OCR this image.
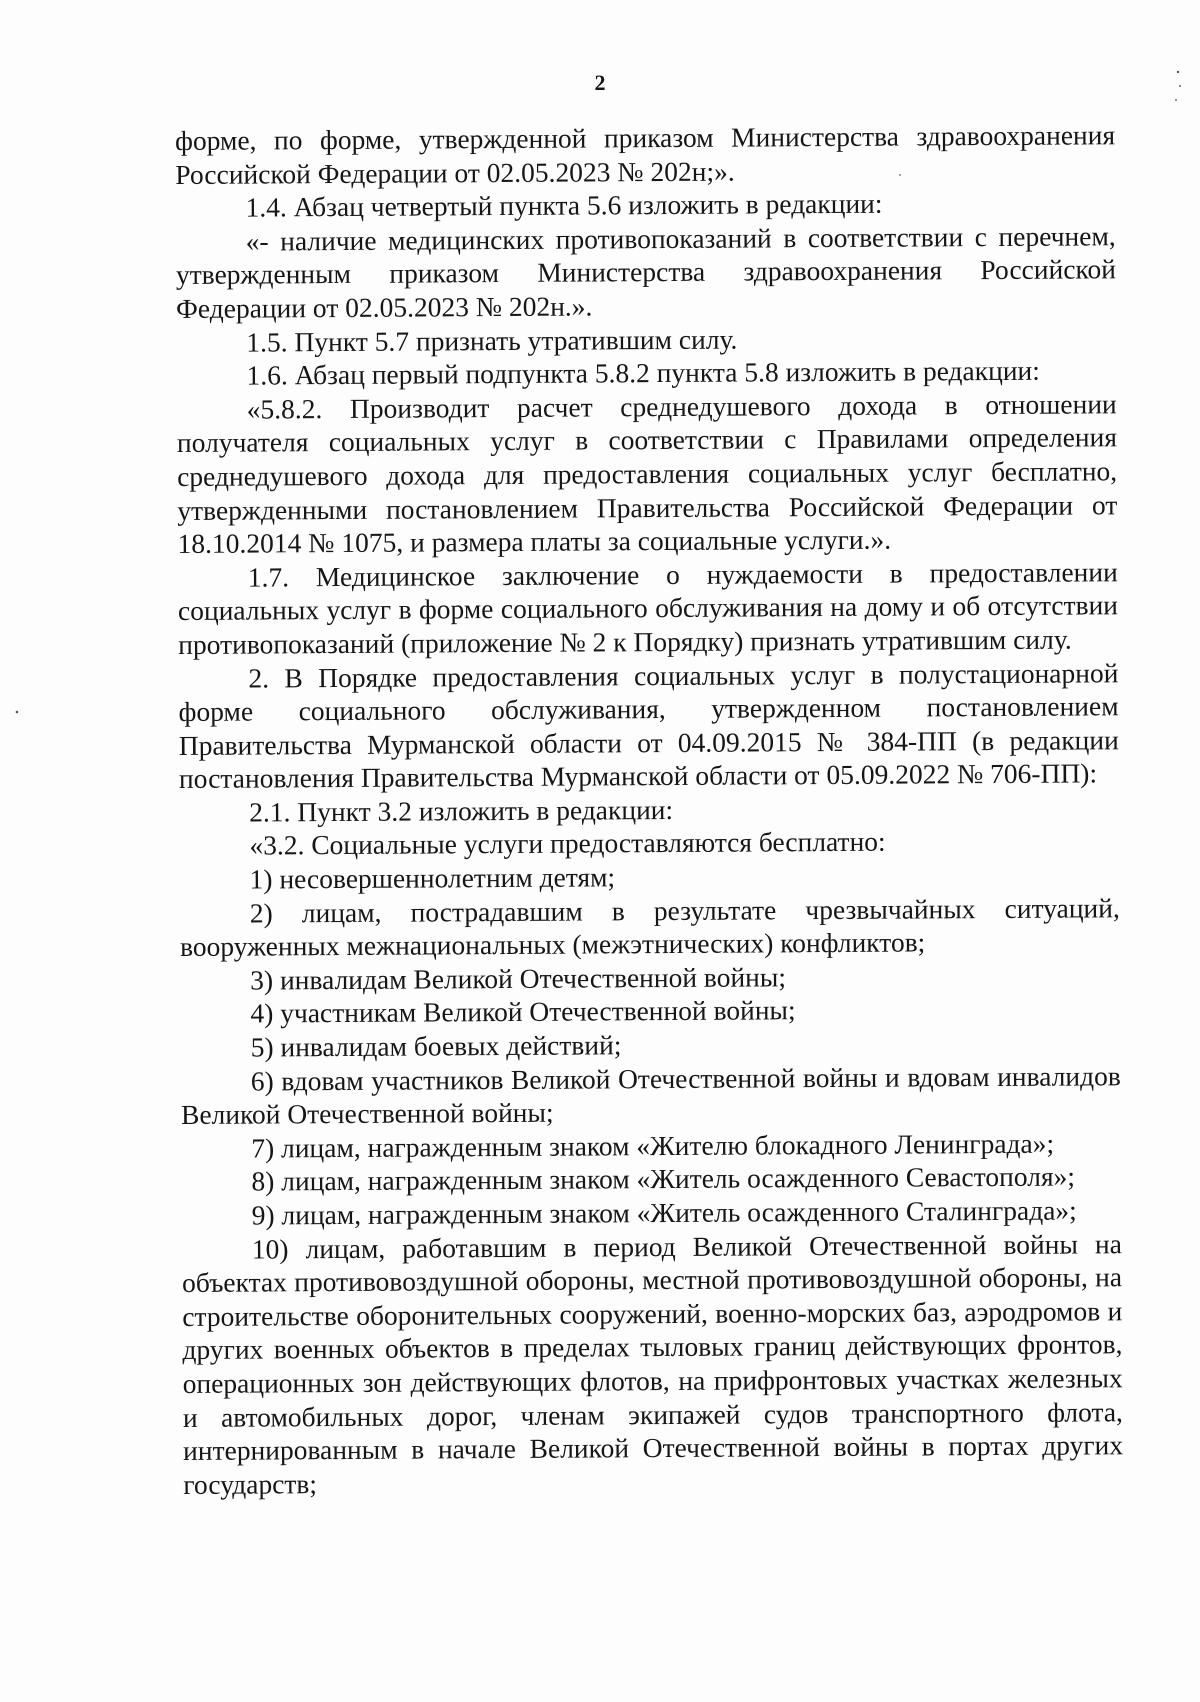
2

форме, по форме, утвержденной приказом Министерства здравоохранения Российской Федерации от 02.05.2023 № 202н;».

1.4. Абзац четвертый пункта 5.6 изложить в редакции:

«- наличие медицинских противопоказаний в соответствии с перечнем, утвержденным приказом Министерства здравоохранения Российской Федерации от 02.05.2023 № 202н.».

1.5. Пункт 5.7 признать утратившим силу.

1.6. Абзац первый подпункта 5.8.2 пункта 5.8 изложить в редакции:

«5.8.2. Производит расчет среднедушевого дохода в отношении получателя социальных услуг в соответствии с Правилами определения среднедушевого дохода для предоставления социальных услуг бесплатно, утвержденными постановлением Правительства Российской Федерации от 18.10.2014 № 1075, и размера платы за социальные услуги.».

1.7. Медицинское заключение о нуждаемости в предоставлении социальных услуг в форме социального обслуживания на дому и об отсутствии противопоказаний (приложение № 2 к Порядку) признать утратившим силу.

2. В Порядке предоставления социальных услуг в полустационарной форме социального обслуживания, утвержденном постановлением Правительства Мурманской области от 04.09.2015 № 384-ПП (в редакции постановления Правительства Мурманской области от 05.09.2022 № 706-ПП):

2.1. Пункт 3.2 изложить в редакции:

«3.2. Социальные услуги предоставляются бесплатно:

1) несовершеннолетним детям;

2) лицам, пострадавшим в результате чрезвычайных ситуаций, вооруженных межнациональных (межэтнических) конфликтов;

3) инвалидам Великой Отечественной войны;

4) участникам Великой Отечественной войны;

5) инвалидам боевых действий;

6) вдовам участников Великой Отечественной войны и вдовам инвалидов Великой Отечественной войны;

7) лицам, награжденным знаком «Жителю блокадного Ленинграда»;

8) лицам, награжденным знаком «Житель осажденного Севастополя»;

9) лицам, награжденным знаком «Житель осажденного Сталинграда»;

10) лицам, работавшим в период Великой Отечественной войны на объектах противовоздушной обороны, местной противовоздушной обороны, на строительстве оборонительных сооружений, военно-морских баз, аэродромов и других военных объектов в пределах тыловых границ действующих фронтов, операционных зон действующих флотов, на прифронтовых участках железных и автомобильных дорог, членам экипажей судов транспортного флота, интернированным в начале Великой Отечественной войны в портах других государств;
